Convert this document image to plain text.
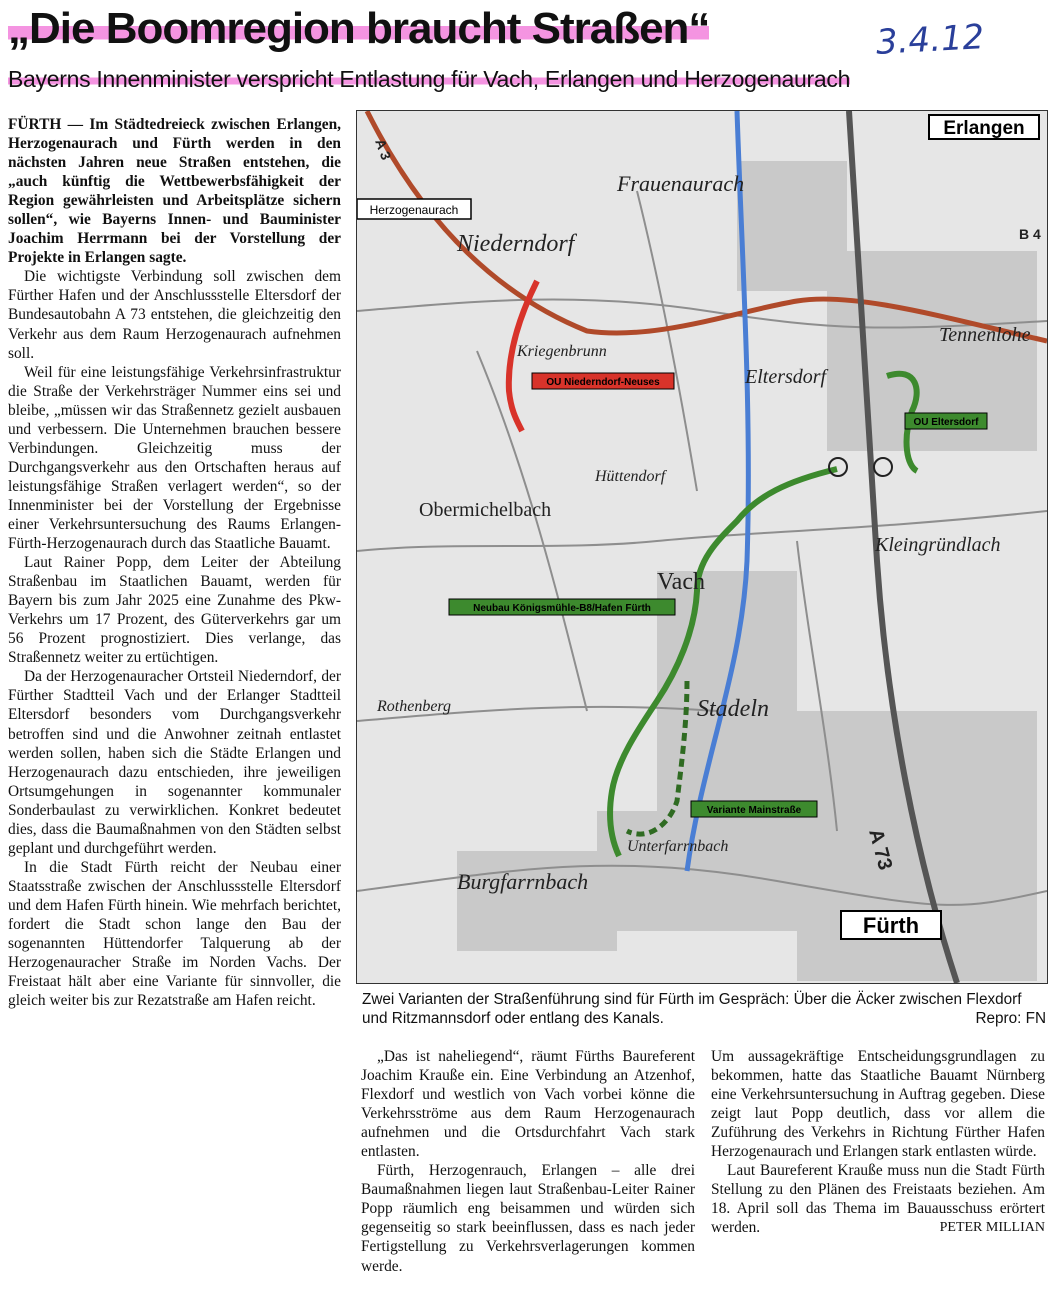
„Die Boomregion braucht Straßen“	3.4.12
Bayerns Innenminister verspricht Entlastung für Vach, Erlangen und Herzogenaurach

FÜRTH — Im Städtedreieck zwischen Erlangen, Herzogenaurach und Fürth werden in den nächsten Jahren neue Straßen entstehen, die „auch künftig die Wettbewerbsfähigkeit der Region gewährleisten und Arbeitsplätze sichern sollen“, wie Bayerns Innen- und Bauminister Joachim Herrmann bei der Vorstellung der Projekte in Erlangen sagte.

Die wichtigste Verbindung soll zwischen dem Fürther Hafen und der Anschlussstelle Eltersdorf der Bundesautobahn A 73 entstehen, die gleichzeitig den Verkehr aus dem Raum Herzogenaurach aufnehmen soll.

Weil für eine leistungsfähige Verkehrsinfrastruktur die Straße der Verkehrsträger Nummer eins sei und bleibe, „müssen wir das Straßennetz gezielt ausbauen und verbessern. Die Unternehmen brauchen bessere Verbindungen. Gleichzeitig muss der Durchgangsverkehr aus den Ortschaften heraus auf leistungsfähige Straßen verlagert werden“, so der Innenminister bei der Vorstellung der Ergebnisse einer Verkehrsuntersuchung des Raums Erlangen-Fürth-Herzogenaurach durch das Staatliche Bauamt.

Laut Rainer Popp, dem Leiter der Abteilung Straßenbau im Staatlichen Bauamt, werden für Bayern bis zum Jahr 2025 eine Zunahme des Pkw-Verkehrs um 17 Prozent, des Güterverkehrs gar um 56 Prozent prognostiziert. Dies verlange, das Straßennetz weiter zu ertüchtigen.

Da der Herzogenauracher Ortsteil Niederndorf, der Fürther Stadtteil Vach und der Erlanger Stadtteil Eltersdorf besonders vom Durchgangsverkehr betroffen sind und die Anwohner zeitnah entlastet werden sollen, haben sich die Städte Erlangen und Herzogenaurach dazu entschieden, ihre jeweiligen Ortsumgehungen in sogenannter kommunaler Sonderbaulast zu verwirklichen. Konkret bedeutet dies, dass die Baumaßnahmen von den Städten selbst geplant und durchgeführt werden.

In die Stadt Fürth reicht der Neubau einer Staatsstraße zwischen der Anschlussstelle Eltersdorf und dem Hafen Fürth hinein. Wie mehrfach berichtet, fordert die Stadt schon lange den Bau der sogenannten Hüttendorfer Talquerung ab der Herzogenauracher Straße im Norden Vachs. Der Freistaat hält aber eine Variante für sinnvoller, die gleich weiter bis zur Rezatstraße am Hafen reicht.

Erlangen
Herzogenaurach
Fürth
OU Niederndorf-Neuses
OU Eltersdorf
Neubau Königsmühle-B8/Hafen Fürth
Variante Mainstraße
Niederndorf
Obermichelbach
Frauenaurach
Eltersdorf
Vach
Stadeln
Burgfarrnbach
Hüttendorf
Tennenlohe
Kleingründlach
Kriegenbrunn
Rothenberg
Unterfarrnbach	A 73
A 3
B 4
Zwei Varianten der Straßenführung sind für Fürth im Gespräch: Über die Äcker zwischen Flexdorf und Ritzmannsdorf oder entlang des Kanals.	Repro: FN

„Das ist naheliegend“, räumt Fürths Baureferent Joachim Krauße ein. Eine Verbindung an Atzenhof, Flexdorf und westlich von Vach vorbei könne die Verkehrsströme aus dem Raum Herzogenaurach aufnehmen und die Ortsdurchfahrt Vach stark entlasten.

Fürth, Herzogenrauch, Erlangen – alle drei Baumaßnahmen liegen laut Straßenbau-Leiter Rainer Popp räumlich eng beisammen und würden sich gegenseitig so stark beeinflussen, dass es nach jeder Fertigstellung zu Verkehrsverlagerungen kommen werde.

Um aussagekräftige Entscheidungsgrundlagen zu bekommen, hatte das Staatliche Bauamt Nürnberg eine Verkehrsuntersuchung in Auftrag gegeben. Diese zeigt laut Popp deutlich, dass vor allem die Zuführung des Verkehrs in Richtung Fürther Hafen Herzogenaurach und Erlangen stark entlasten würde.

Laut Baureferent Krauße muss nun die Stadt Fürth Stellung zu den Plänen des Freistaats beziehen. Am 18. April soll das Thema im Bauausschuss erörtert werden.	PETER MILLIAN
